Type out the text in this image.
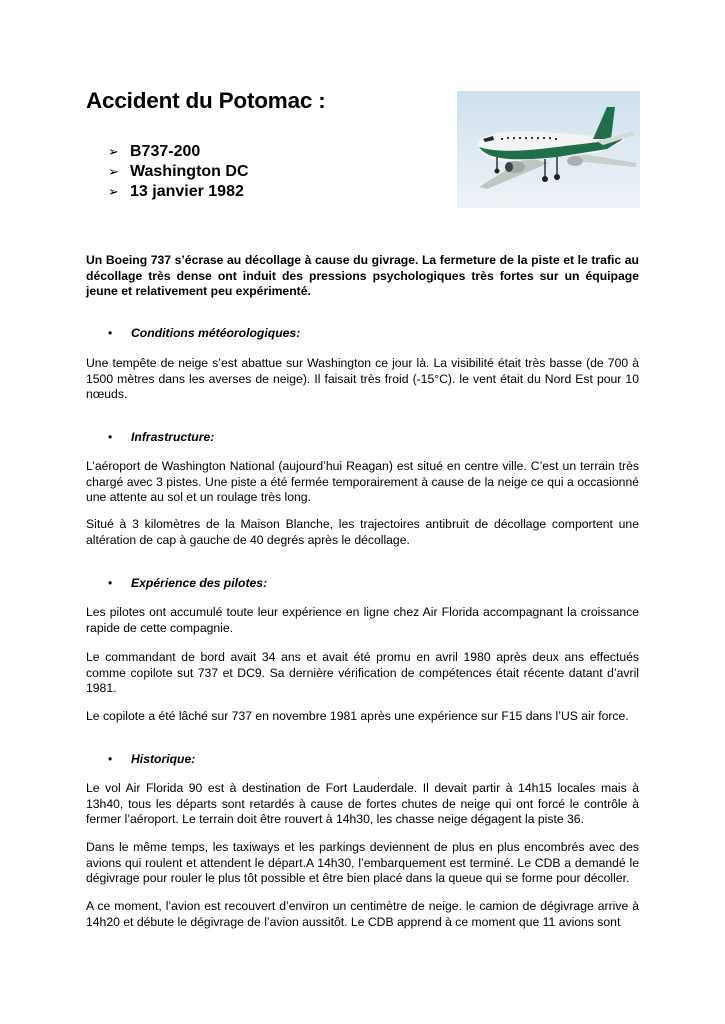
Accident du Potomac :
➢ B737-200
➢ Washington DC
➢ 13 janvier 1982

Un Boeing 737 s’écrase au décollage à cause du givrage. La fermeture de la piste et le trafic au décollage très dense ont induit des pressions psychologiques très fortes sur un équipage jeune et relativement peu expérimenté.

•	Conditions météorologiques:

Une tempête de neige s’est abattue sur Washington ce jour là. La visibilité était très basse (de 700 à 1500 mètres dans les averses de neige). Il faisait très froid (-15°C). le vent était du Nord Est pour 10 nœuds.

•	Infrastructure:

L’aéroport de Washington National (aujourd’hui Reagan) est situé en centre ville. C’est un terrain très chargé avec 3 pistes. Une piste a été fermée temporairement à cause de la neige ce qui a occasionné une attente au sol et un roulage très long.

Situé à 3 kilomètres de la Maison Blanche, les trajectoires antibruit de décollage comportent une altération de cap à gauche de 40 degrés après le décollage.

•	Expérience des pilotes:

Les pilotes ont accumulé toute leur expérience en ligne chez Air Florida accompagnant la croissance rapide de cette compagnie.

Le commandant de bord avait 34 ans et avait été promu en avril 1980 après deux ans effectués comme copilote sut 737 et DC9. Sa dernière vérification de compétences était récente datant d’avril 1981.

Le copilote a été lâché sur 737 en novembre 1981 après une expérience sur F15 dans l’US air force.

•	Historique:

Le vol Air Florida 90 est à destination de Fort Lauderdale. Il devait partir à 14h15 locales mais à 13h40, tous les départs sont retardés à cause de fortes chutes de neige qui ont forcé le contrôle à fermer l’aéroport. Le terrain doit être rouvert à 14h30, les chasse neige dégagent la piste 36.

Dans le même temps, les taxiways et les parkings deviennent de plus en plus encombrés avec des avions qui roulent et attendent le départ.A 14h30, l’embarquement est terminé. Le CDB a demandé le dégivrage pour rouler le plus tôt possible et être bien placé dans la queue qui se forme pour décoller.

A ce moment, l’avion est recouvert d’environ un centimètre de neige. le camion de dégivrage arrive à 14h20 et débute le dégivrage de l’avion aussitôt. Le CDB apprend à ce moment que 11 avions sont
